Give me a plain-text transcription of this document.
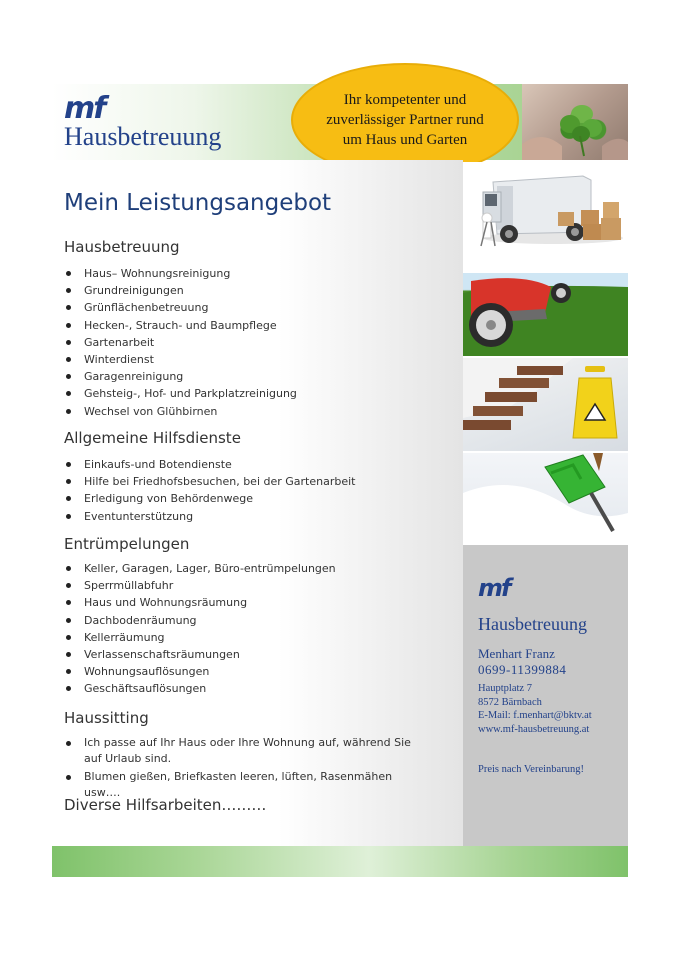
mf
Hausbetreuung
Ihr kompetenter und
zuverlässiger Partner rund
um Haus und Garten
Mein Leistungsangebot
Hausbetreuung
Haus– Wohnungsreinigung
Grundreinigungen
Grünflächenbetreuung
Hecken-, Strauch- und Baumpflege
Gartenarbeit
Winterdienst
Garagenreinigung
Gehsteig-, Hof- und Parkplatzreinigung
Wechsel von Glühbirnen
Allgemeine Hilfsdienste
Einkaufs-und Botendienste
Hilfe bei Friedhofsbesuchen, bei der Gartenarbeit
Erledigung von Behördenwege
Eventunterstützung
Entrümpelungen
Keller, Garagen, Lager, Büro-entrümpelungen
Sperrmüllabfuhr
Haus und Wohnungsräumung
Dachbodenräumung
Kellerräumung
Verlassenschaftsräumungen
Wohnungsauflösungen
Geschäftsauflösungen
Haussitting
Ich passe auf Ihr Haus oder Ihre Wohnung auf, während Sie auf Urlaub sind.
Blumen gießen, Briefkasten leeren, lüften, Rasenmähen usw….
Diverse Hilfsarbeiten………
mf
Hausbetreuung
Menhart Franz
0699-11399884
Hauptplatz 7
8572 Bärnbach
E-Mail: f.menhart@bktv.at
www.mf-hausbetreuung.at
Preis nach Vereinbarung!
